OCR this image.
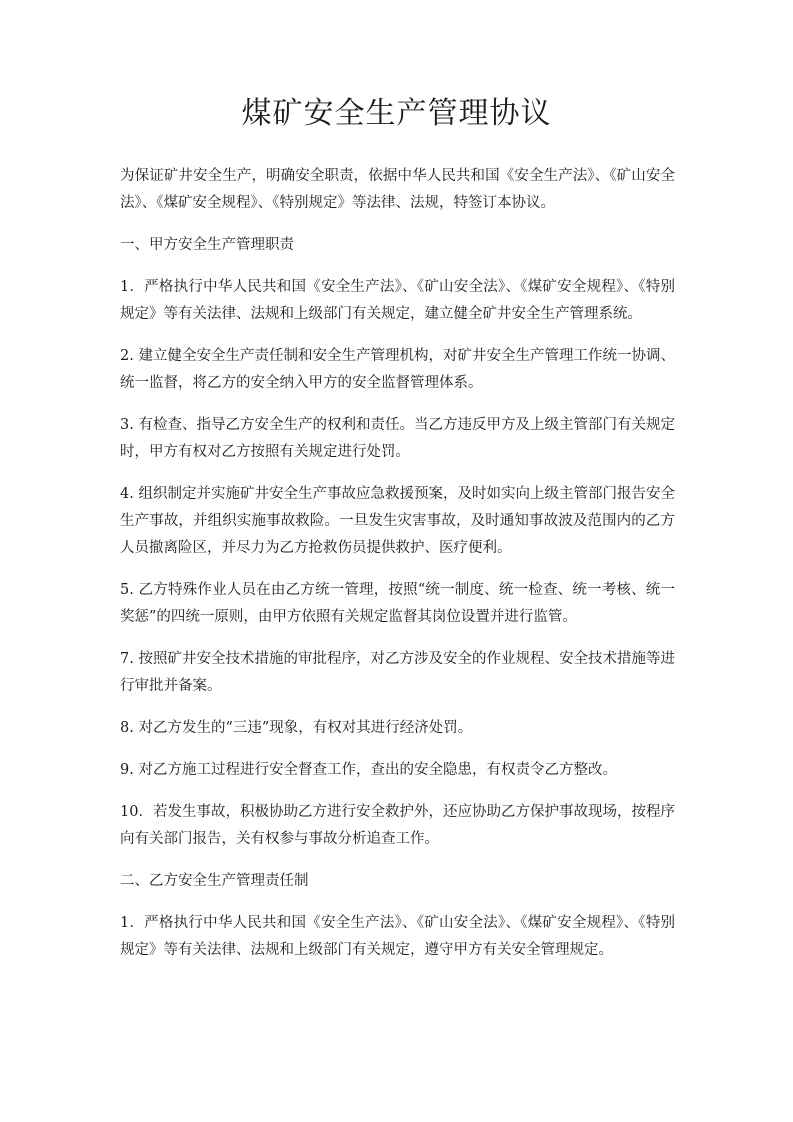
煤矿安全生产管理协议

为保证矿井安全生产，明确安全职责，依据中华人民共和国《安全生产法》、《矿山安全法》、《煤矿安全规程》、《特别规定》等法律、法规，特签订本协议。

一、甲方安全生产管理职责

1．严格执行中华人民共和国《安全生产法》、《矿山安全法》、《煤矿安全规程》、《特别规定》等有关法律、法规和上级部门有关规定，建立健全矿井安全生产管理系统。

2. 建立健全安全生产责任制和安全生产管理机构，对矿井安全生产管理工作统一协调、统一监督，将乙方的安全纳入甲方的安全监督管理体系。

3. 有检查、指导乙方安全生产的权利和责任。当乙方违反甲方及上级主管部门有关规定时，甲方有权对乙方按照有关规定进行处罚。

4. 组织制定并实施矿井安全生产事故应急救援预案，及时如实向上级主管部门报告安全生产事故，并组织实施事故救险。一旦发生灾害事故，及时通知事故波及范围内的乙方人员撤离险区，并尽力为乙方抢救伤员提供救护、医疗便利。

5. 乙方特殊作业人员在由乙方统一管理，按照“统一制度、统一检查、统一考核、统一奖惩”的四统一原则，由甲方依照有关规定监督其岗位设置并进行监管。

7. 按照矿井安全技术措施的审批程序，对乙方涉及安全的作业规程、安全技术措施等进行审批并备案。

8. 对乙方发生的“三违”现象，有权对其进行经济处罚。

9. 对乙方施工过程进行安全督查工作，查出的安全隐患，有权责令乙方整改。

10．若发生事故，积极协助乙方进行安全救护外，还应协助乙方保护事故现场，按程序向有关部门报告，关有权参与事故分析追查工作。

二、乙方安全生产管理责任制

1．严格执行中华人民共和国《安全生产法》、《矿山安全法》、《煤矿安全规程》、《特别规定》等有关法律、法规和上级部门有关规定，遵守甲方有关安全管理规定。
